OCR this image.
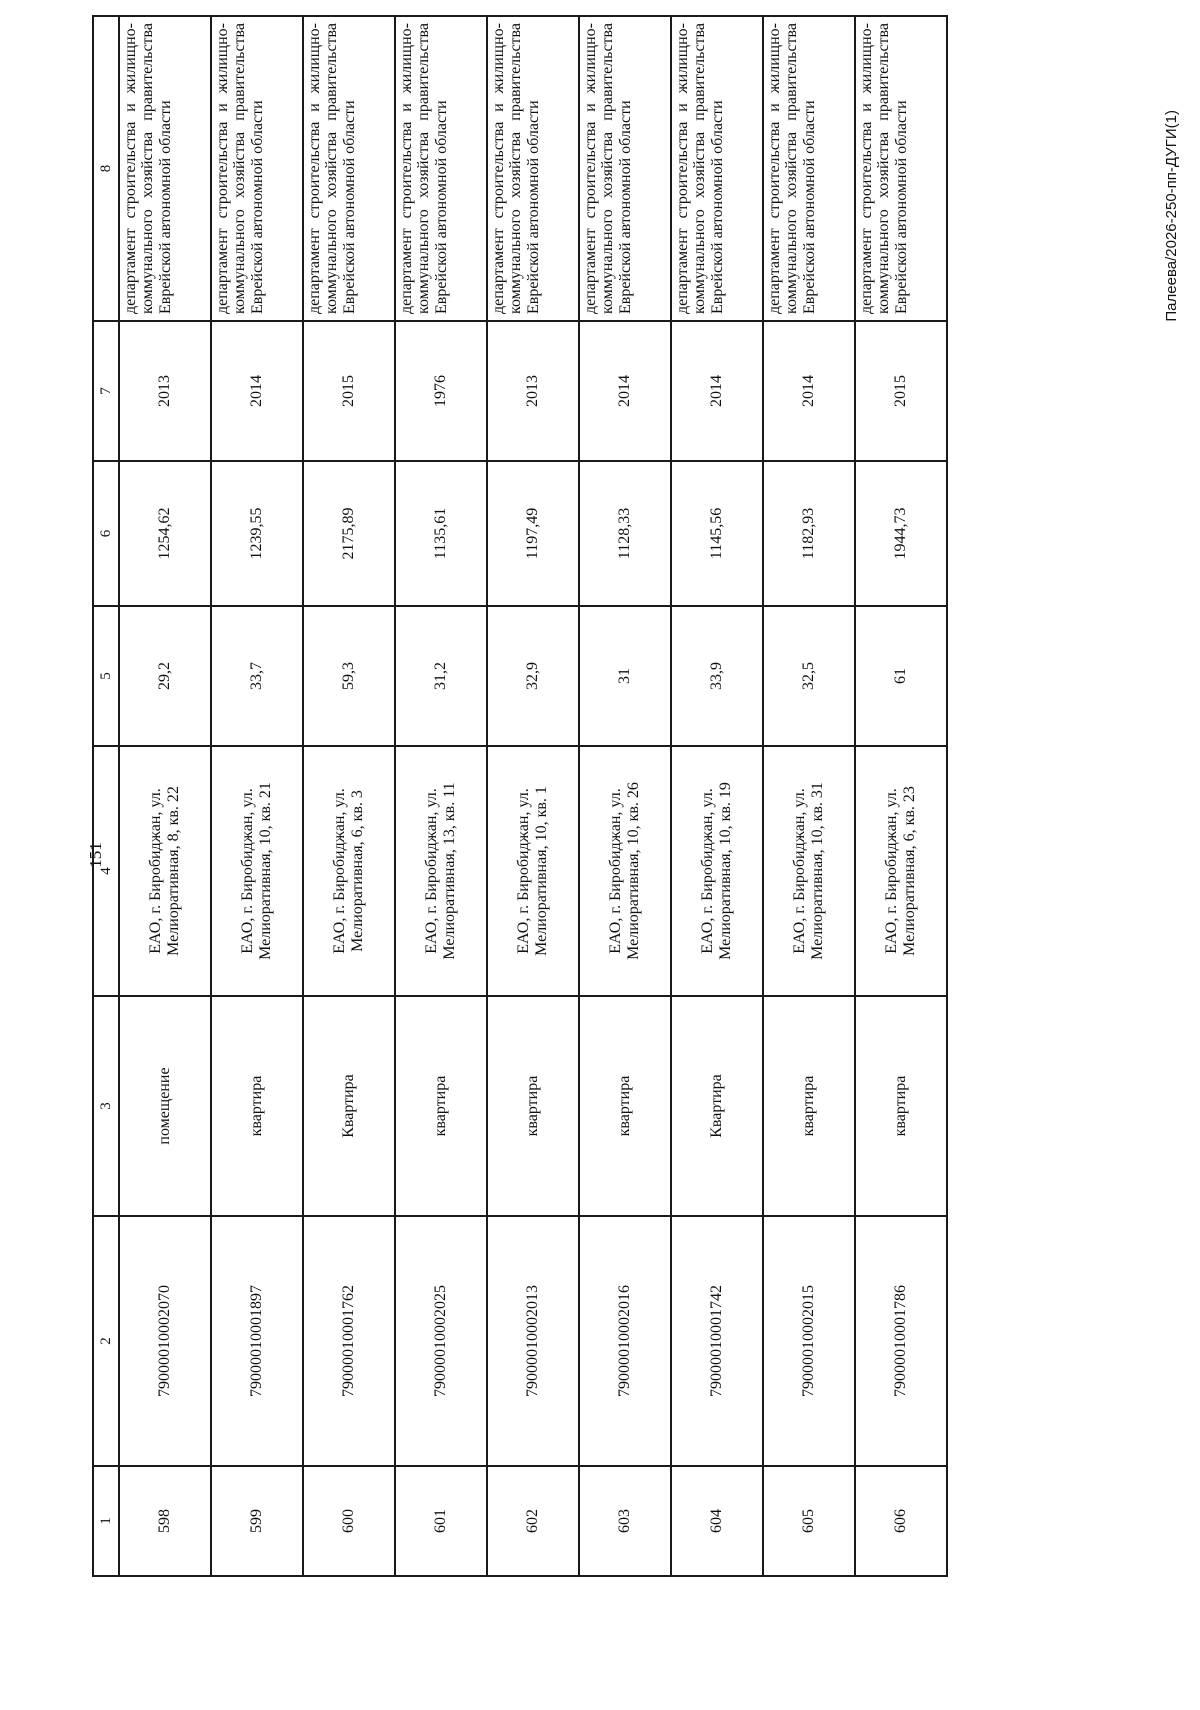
151
1	2	3	4	5	6	7	8
598	79000010002070	помещение	ЕАО, г. Биробиджан, ул. Мелиоративная, 8, кв. 22	29,2	1254,62	2013	департамент строительства и жилищно-коммунального хозяйства правительства Еврейской автономной области
599	79000010001897	квартира	ЕАО, г. Биробиджан, ул. Мелиоративная, 10, кв. 21	33,7	1239,55	2014	департамент строительства и жилищно-коммунального хозяйства правительства Еврейской автономной области
600	79000010001762	Квартира	ЕАО, г. Биробиджан, ул. Мелиоративная, 6, кв. 3	59,3	2175,89	2015	департамент строительства и жилищно-коммунального хозяйства правительства Еврейской автономной области
601	79000010002025	квартира	ЕАО, г. Биробиджан, ул. Мелиоративная, 13, кв. 11	31,2	1135,61	1976	департамент строительства и жилищно-коммунального хозяйства правительства Еврейской автономной области
602	79000010002013	квартира	ЕАО, г. Биробиджан, ул. Мелиоративная, 10, кв. 1	32,9	1197,49	2013	департамент строительства и жилищно-коммунального хозяйства правительства Еврейской автономной области
603	79000010002016	квартира	ЕАО, г. Биробиджан, ул. Мелиоративная, 10, кв. 26	31	1128,33	2014	департамент строительства и жилищно-коммунального хозяйства правительства Еврейской автономной области
604	79000010001742	Квартира	ЕАО, г. Биробиджан, ул. Мелиоративная, 10, кв. 19	33,9	1145,56	2014	департамент строительства и жилищно-коммунального хозяйства правительства Еврейской автономной области
605	79000010002015	квартира	ЕАО, г. Биробиджан, ул. Мелиоративная, 10, кв. 31	32,5	1182,93	2014	департамент строительства и жилищно-коммунального хозяйства правительства Еврейской автономной области
606	79000010001786	квартира	ЕАО, г. Биробиджан, ул. Мелиоративная, 6, кв. 23	61	1944,73	2015	департамент строительства и жилищно-коммунального хозяйства правительства Еврейской автономной области	Палеева/2026-250-пп-ДУГИ(1)
